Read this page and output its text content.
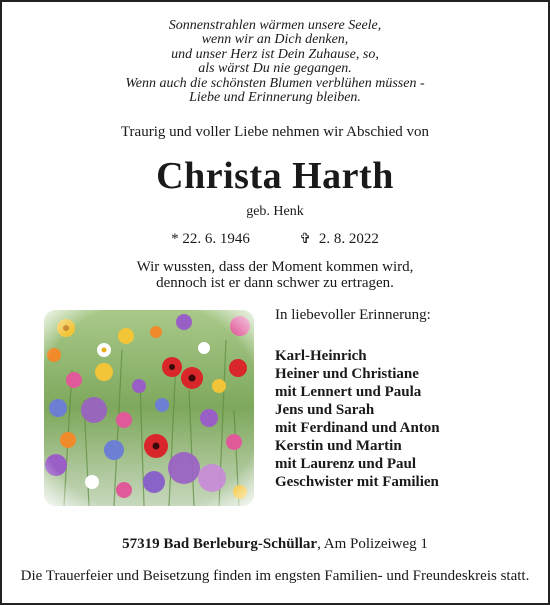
Sonnenstrahlen wärmen unsere Seele,
wenn wir an Dich denken,
und unser Herz ist Dein Zuhause, so,
als wärst Du nie gegangen.
Wenn auch die schönsten Blumen verblühen müssen -
Liebe und Erinnerung bleiben.
Traurig und voller Liebe nehmen wir Abschied von
Christa Harth
geb. Henk
* 22. 6. 1946	✞ 2. 8. 2022
Wir wussten, dass der Moment kommen wird,
dennoch ist er dann schwer zu ertragen.
In liebevoller Erinnerung:
Karl-Heinrich
Heiner und Christiane
mit Lennert und Paula
Jens und Sarah
mit Ferdinand und Anton
Kerstin und Martin
mit Laurenz und Paul
Geschwister mit Familien
57319 Bad Berleburg-Schüllar, Am Polizeiweg 1
Die Trauerfeier und Beisetzung finden im engsten Familien- und Freundeskreis statt.
